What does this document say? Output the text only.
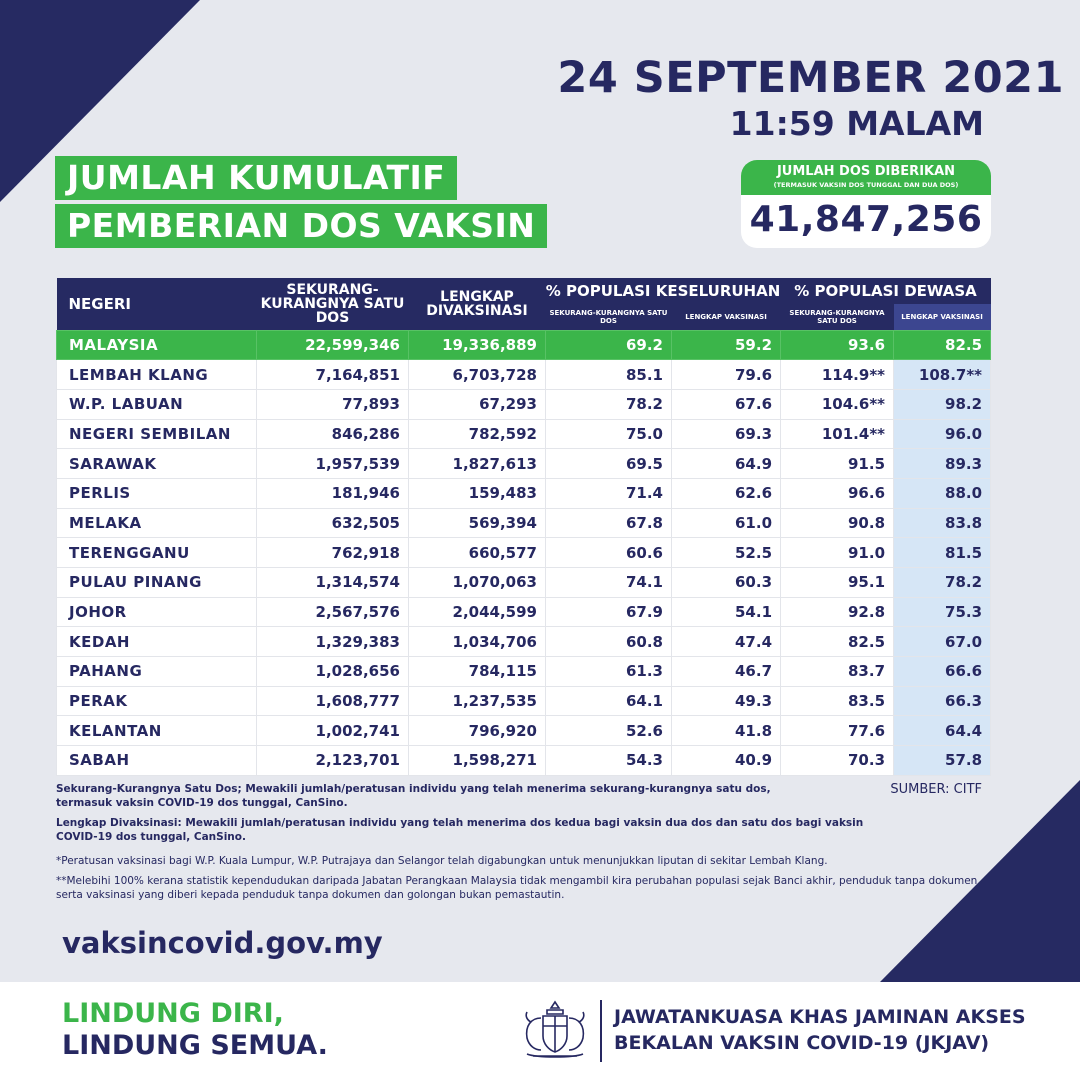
24 SEPTEMBER 2021
11:59 MALAM
JUMLAH KUMULATIF
PEMBERIAN DOS VAKSIN
JUMLAH DOS DIBERIKAN
(TERMASUK VAKSIN DOS TUNGGAL DAN DUA DOS)
41,847,256
NEGERI	SEKURANG-KURANGNYA SATU DOS	LENGKAP DIVAKSINASI	% POPULASI KESELURUHAN		% POPULASI DEWASA	
			SEKURANG-KURANGNYA SATU DOS	LENGKAP VAKSINASI	SEKURANG-KURANGNYA SATU DOS	LENGKAP VAKSINASI
MALAYSIA	22,599,346	19,336,889	69.2	59.2	93.6	82.5
LEMBAH KLANG	7,164,851	6,703,728	85.1	79.6	114.9**	108.7**
W.P. LABUAN	77,893	67,293	78.2	67.6	104.6**	98.2
NEGERI SEMBILAN	846,286	782,592	75.0	69.3	101.4**	96.0
SARAWAK	1,957,539	1,827,613	69.5	64.9	91.5	89.3
PERLIS	181,946	159,483	71.4	62.6	96.6	88.0
MELAKA	632,505	569,394	67.8	61.0	90.8	83.8
TERENGGANU	762,918	660,577	60.6	52.5	91.0	81.5
PULAU PINANG	1,314,574	1,070,063	74.1	60.3	95.1	78.2
JOHOR	2,567,576	2,044,599	67.9	54.1	92.8	75.3
KEDAH	1,329,383	1,034,706	60.8	47.4	82.5	67.0
PAHANG	1,028,656	784,115	61.3	46.7	83.7	66.6
PERAK	1,608,777	1,237,535	64.1	49.3	83.5	66.3
KELANTAN	1,002,741	796,920	52.6	41.8	77.6	64.4
SABAH	2,123,701	1,598,271	54.3	40.9	70.3	57.8

Sekurang-Kurangnya Satu Dos; Mewakili jumlah/peratusan individu yang telah menerima sekurang-kurangnya satu dos, termasuk vaksin COVID-19 dos tunggal, CanSino.

Lengkap Divaksinasi: Mewakili jumlah/peratusan individu yang telah menerima dos kedua bagi vaksin dua dos dan satu dos bagi vaksin COVID-19 dos tunggal, CanSino.

*Peratusan vaksinasi bagi W.P. Kuala Lumpur, W.P. Putrajaya dan Selangor telah digabungkan untuk menunjukkan liputan di sekitar Lembah Klang.

**Melebihi 100% kerana statistik kependudukan daripada Jabatan Perangkaan Malaysia tidak mengambil kira perubahan populasi sejak Banci akhir, penduduk tanpa dokumen serta vaksinasi yang diberi kepada penduduk tanpa dokumen dan golongan bukan pemastautin.

SUMBER: CITF
vaksincovid.gov.my
LINDUNG DIRI,
LINDUNG SEMUA.
JAWATANKUASA KHAS JAMINAN AKSES
BEKALAN VAKSIN COVID-19 (JKJAV)
